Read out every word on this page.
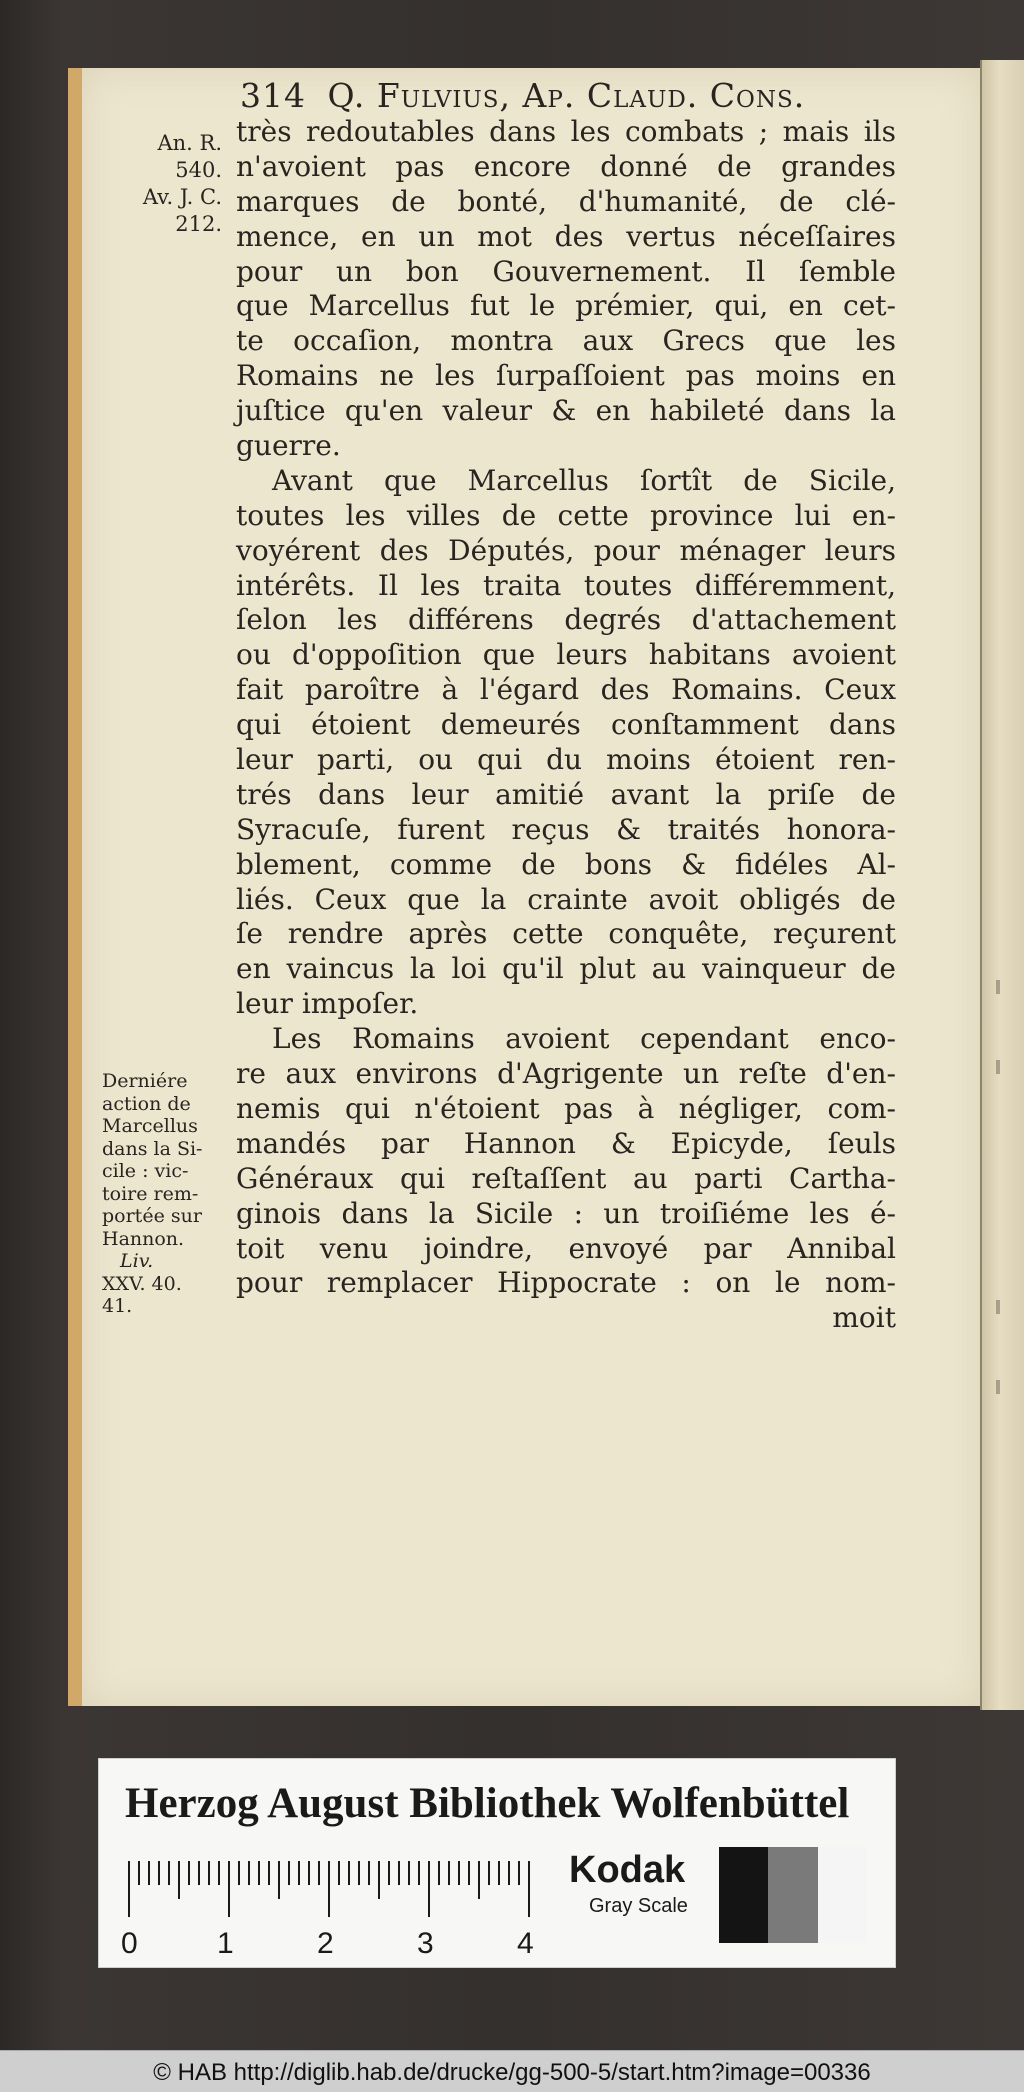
314 Q. Fulvius, Ap. Claud. Cons.
An. R.
540.
Av. J. C.
212.
Derniére
action de
Marcellus
dans la Si-
cile : vic-
toire rem-
portée sur
Hannon.
Liv.
XXV. 40.
41.
très redoutables dans les combats ; mais ils
n'avoient pas encore donné de grandes
marques de bonté, d'humanité, de clé-
mence, en un mot des vertus néceſſaires
pour un bon Gouvernement. Il ſemble
que Marcellus fut le prémier, qui, en cet-
te occaſion, montra aux Grecs que les
Romains ne les ſurpaſſoient pas moins en
juſtice qu'en valeur & en habileté dans la
guerre.
Avant que Marcellus ſortît de Sicile,
toutes les villes de cette province lui en-
voyérent des Députés, pour ménager leurs
intérêts. Il les traita toutes différemment,
ſelon les différens degrés d'attachement
ou d'oppoſition que leurs habitans avoient
fait paroître à l'égard des Romains. Ceux
qui étoient demeurés conſtamment dans
leur parti, ou qui du moins étoient ren-
trés dans leur amitié avant la priſe de
Syracuſe, furent reçus & traités honora-
blement, comme de bons & fidéles Al-
liés. Ceux que la crainte avoit obligés de
ſe rendre après cette conquête, reçurent
en vaincus la loi qu'il plut au vainqueur de
leur impoſer.
Les Romains avoient cependant enco-
re aux environs d'Agrigente un reſte d'en-
nemis qui n'étoient pas à négliger, com-
mandés par Hannon & Epicyde, ſeuls
Généraux qui reſtaſſent au parti Cartha-
ginois dans la Sicile : un troiſiéme les é-
toit venu joindre, envoyé par Annibal
pour remplacer Hippocrate : on le nom-
moit
Herzog August Bibliothek Wolfenbüttel
0	1	2	3	4
Kodak
Gray Scale
© HAB http://diglib.hab.de/drucke/gg-500-5/start.htm?image=00336
